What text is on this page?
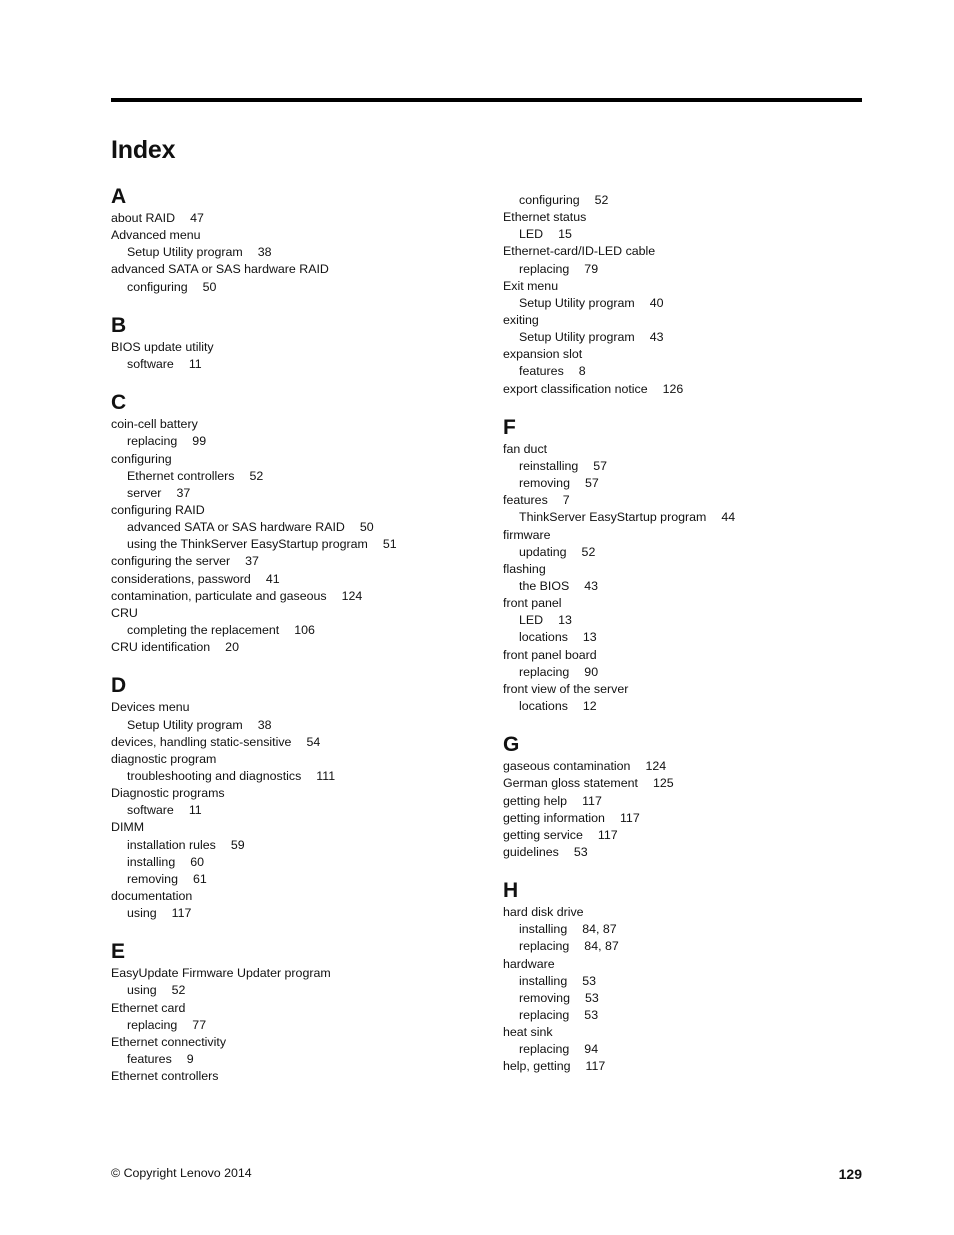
Index
A
about RAID 47
Advanced menu
Setup Utility program 38
advanced SATA or SAS hardware RAID
configuring 50
B
BIOS update utility
software 11
C
coin-cell battery
replacing 99
configuring
Ethernet controllers 52
server 37
configuring RAID
advanced SATA or SAS hardware RAID 50
using the ThinkServer EasyStartup program 51
configuring the server 37
considerations, password 41
contamination, particulate and gaseous 124
CRU
completing the replacement 106
CRU identification 20
D
Devices menu
Setup Utility program 38
devices, handling static-sensitive 54
diagnostic program
troubleshooting and diagnostics 111
Diagnostic programs
software 11
DIMM
installation rules 59
installing 60
removing 61
documentation
using 117
E
EasyUpdate Firmware Updater program
using 52
Ethernet card
replacing 77
Ethernet connectivity
features 9
Ethernet controllers
configuring 52
Ethernet status
LED 15
Ethernet-card/ID-LED cable
replacing 79
Exit menu
Setup Utility program 40
exiting
Setup Utility program 43
expansion slot
features 8
export classification notice 126
F
fan duct
reinstalling 57
removing 57
features 7
ThinkServer EasyStartup program 44
firmware
updating 52
flashing
the BIOS 43
front panel
LED 13
locations 13
front panel board
replacing 90
front view of the server
locations 12
G
gaseous contamination 124
German gloss statement 125
getting help 117
getting information 117
getting service 117
guidelines 53
H
hard disk drive
installing 84, 87
replacing 84, 87
hardware
installing 53
removing 53
replacing 53
heat sink
replacing 94
help, getting 117
© Copyright Lenovo 2014	129
